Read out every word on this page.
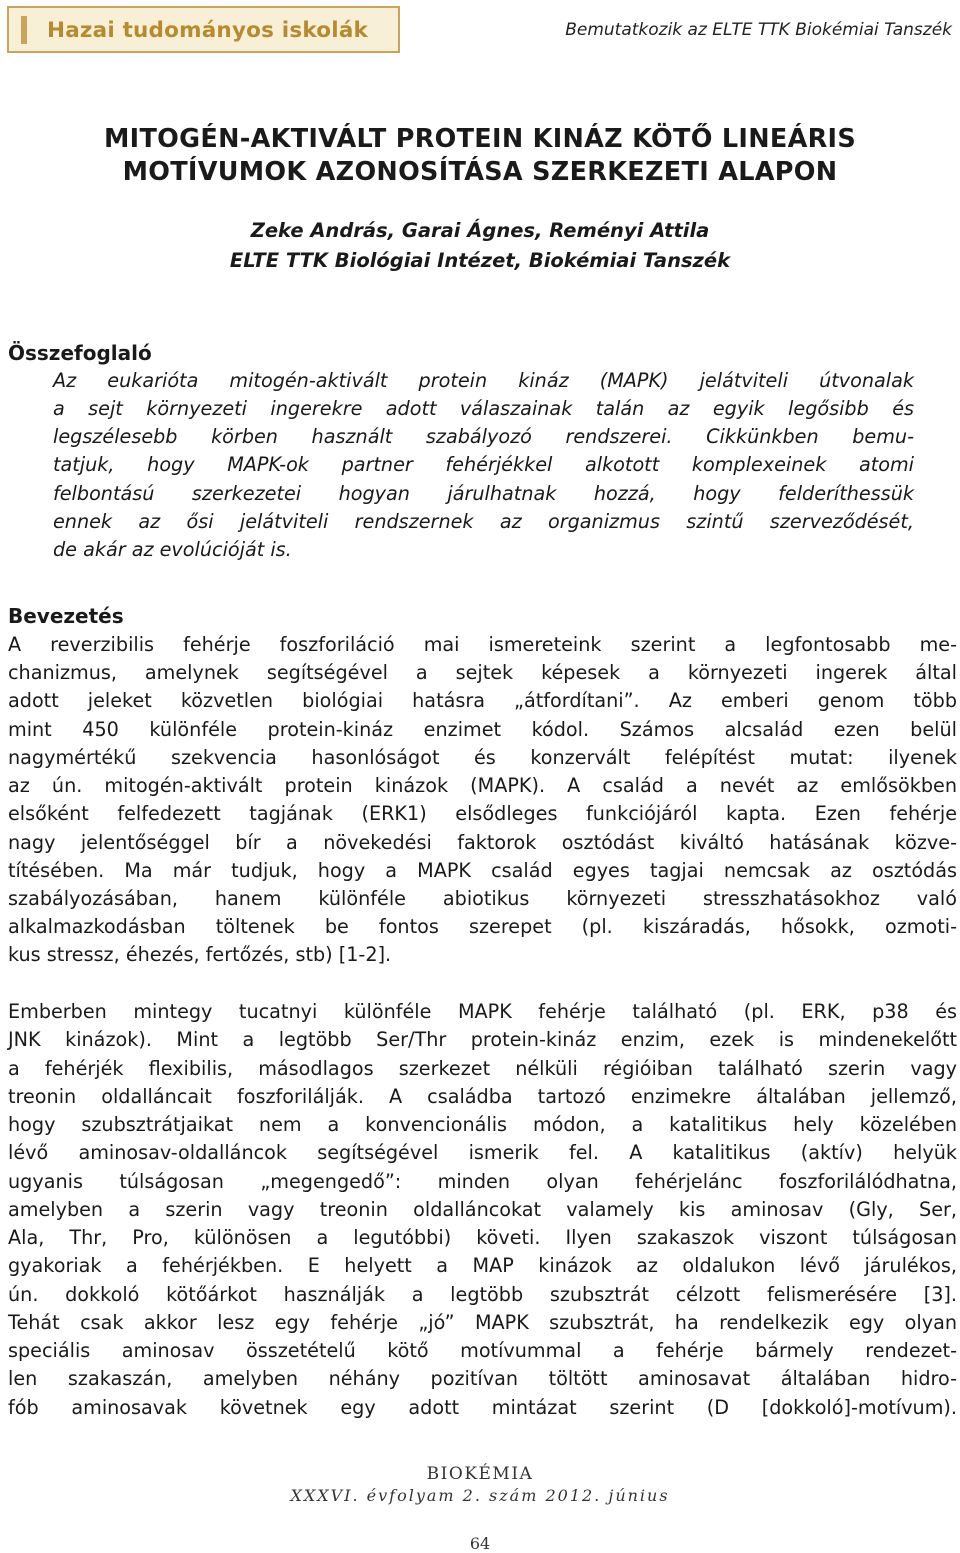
Hazai tudományos iskolák	Bemutatkozik az ELTE TTK Biokémiai Tanszék
MITOGÉN-AKTIVÁLT PROTEIN KINÁZ KÖTŐ LINEÁRIS
MOTÍVUMOK AZONOSÍTÁSA SZERKEZETI ALAPON
Zeke András, Garai Ágnes, Reményi Attila
ELTE TTK Biológiai Intézet, Biokémiai Tanszék
Összefoglaló
Az eukarióta mitogén-aktivált protein kináz (MAPK) jelátviteli útvonalak
a sejt környezeti ingerekre adott válaszainak talán az egyik legősibb és
legszélesebb körben használt szabályozó rendszerei. Cikkünkben bemu-
tatjuk, hogy MAPK-ok partner fehérjékkel alkotott komplexeinek atomi
felbontású szerkezetei hogyan járulhatnak hozzá, hogy felderíthessük
ennek az ősi jelátviteli rendszernek az organizmus szintű szerveződését,
de akár az evolúcióját is.
Bevezetés
A reverzibilis fehérje foszforiláció mai ismereteink szerint a legfontosabb me-
chanizmus, amelynek segítségével a sejtek képesek a környezeti ingerek által
adott jeleket közvetlen biológiai hatásra „átfordítani”. Az emberi genom több
mint 450 különféle protein-kináz enzimet kódol. Számos alcsalád ezen belül
nagymértékű szekvencia hasonlóságot és konzervált felépítést mutat: ilyenek
az ún. mitogén-aktivált protein kinázok (MAPK). A család a nevét az emlősökben
elsőként felfedezett tagjának (ERK1) elsődleges funkciójáról kapta. Ezen fehérje
nagy jelentőséggel bír a növekedési faktorok osztódást kiváltó hatásának közve-
títésében. Ma már tudjuk, hogy a MAPK család egyes tagjai nemcsak az osztódás
szabályozásában, hanem különféle abiotikus környezeti stresszhatásokhoz való
alkalmazkodásban töltenek be fontos szerepet (pl. kiszáradás, hősokk, ozmoti-
kus stressz, éhezés, fertőzés, stb) [1-2].
Emberben mintegy tucatnyi különféle MAPK fehérje található (pl. ERK, p38 és
JNK kinázok). Mint a legtöbb Ser/Thr protein-kináz enzim, ezek is mindenekelőtt
a fehérjék flexibilis, másodlagos szerkezet nélküli régióiban található szerin vagy
treonin oldalláncait foszforilálják. A családba tartozó enzimekre általában jellemző,
hogy szubsztrátjaikat nem a konvencionális módon, a katalitikus hely közelében
lévő aminosav-oldalláncok segítségével ismerik fel. A katalitikus (aktív) helyük
ugyanis túlságosan „megengedő”: minden olyan fehérjelánc foszforilálódhatna,
amelyben a szerin vagy treonin oldalláncokat valamely kis aminosav (Gly, Ser,
Ala, Thr, Pro, különösen a legutóbbi) követi. Ilyen szakaszok viszont túlságosan
gyakoriak a fehérjékben. E helyett a MAP kinázok az oldalukon lévő járulékos,
ún. dokkoló kötőárkot használják a legtöbb szubsztrát célzott felismerésére [3].
Tehát csak akkor lesz egy fehérje „jó” MAPK szubsztrát, ha rendelkezik egy olyan
speciális aminosav összetételű kötő motívummal a fehérje bármely rendezet-
len szakaszán, amelyben néhány pozitívan töltött aminosavat általában hidro-
fób aminosavak követnek egy adott mintázat szerint (D [dokkoló]-motívum).
BIOKÉMIA
XXXVI. évfolyam 2. szám 2012. június
64
